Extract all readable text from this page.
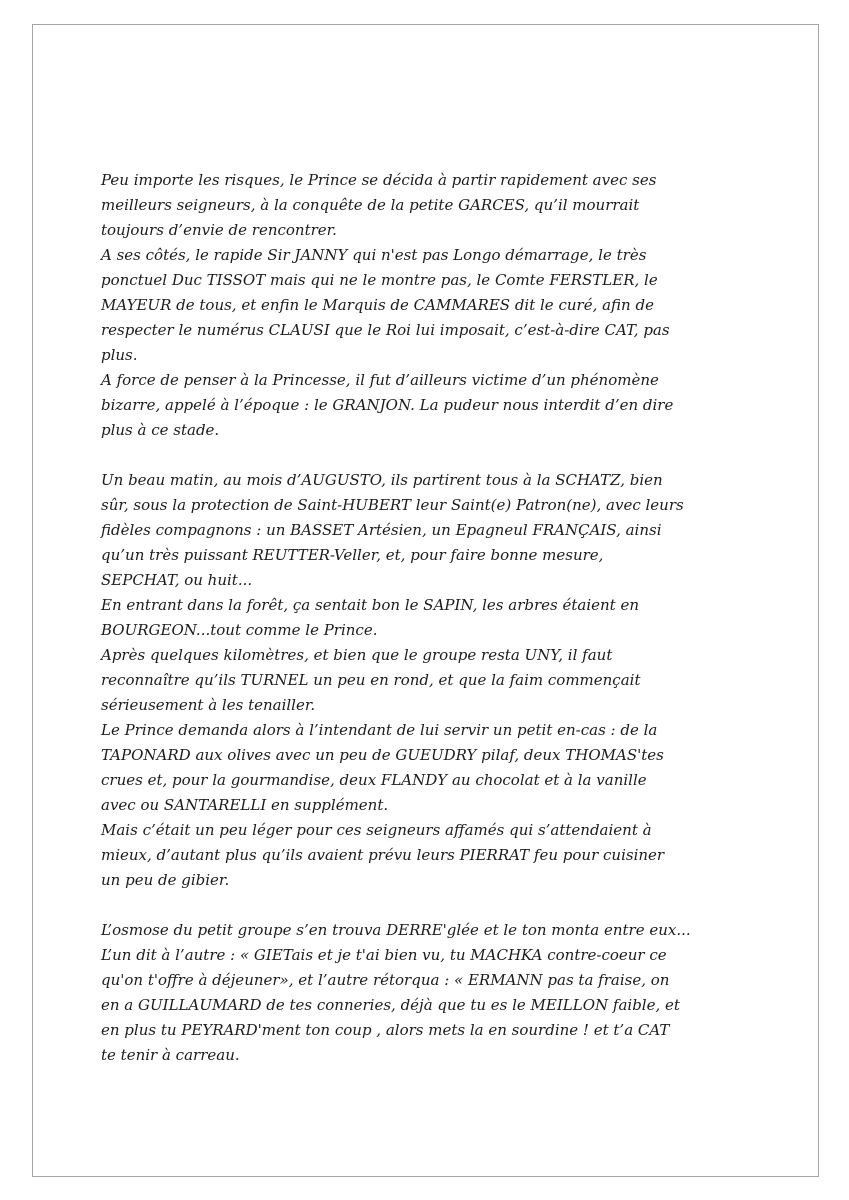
Peu importe les risques, le Prince se décida à partir rapidement avec ses
meilleurs seigneurs, à la conquête de la petite GARCES, qu’il mourrait
toujours d’envie de rencontrer.
A ses côtés, le rapide Sir JANNY qui n'est pas Longo démarrage, le très
ponctuel Duc TISSOT mais qui ne le montre pas, le Comte FERSTLER, le
MAYEUR de tous, et enfin le Marquis de CAMMARES dit le curé, afin de
respecter le numérus CLAUSI que le Roi lui imposait, c’est-à-dire CAT, pas
plus.
A force de penser à la Princesse, il fut d’ailleurs victime d’un phénomène
bizarre, appelé à l’époque : le GRANJON. La pudeur nous interdit d’en dire
plus à ce stade.
Un beau matin, au mois d’AUGUSTO, ils partirent tous à la SCHATZ, bien
sûr, sous la protection de Saint-HUBERT leur Saint(e) Patron(ne), avec leurs
fidèles compagnons : un BASSET Artésien, un Epagneul FRANÇAIS, ainsi
qu’un très puissant REUTTER-Veller, et, pour faire bonne mesure,
SEPCHAT, ou huit...
En entrant dans la forêt, ça sentait bon le SAPIN, les arbres étaient en
BOURGEON...tout comme le Prince.
Après quelques kilomètres, et bien que le groupe resta UNY, il faut
reconnaître qu’ils TURNEL un peu en rond, et que la faim commençait
sérieusement à les tenailler.
Le Prince demanda alors à l’intendant de lui servir un petit en-cas : de la
TAPONARD aux olives avec un peu de GUEUDRY pilaf, deux THOMAS'tes
crues et, pour la gourmandise, deux FLANDY au chocolat et à la vanille
avec ou SANTARELLI en supplément.
Mais c’était un peu léger pour ces seigneurs affamés qui s’attendaient à
mieux, d’autant plus qu’ils avaient prévu leurs PIERRAT feu pour cuisiner
un peu de gibier.
L’osmose du petit groupe s’en trouva DERRE'glée et le ton monta entre eux...
L’un dit à l’autre : « GIETais et je t'ai bien vu, tu MACHKA contre-coeur ce
qu'on t'offre à déjeuner», et l’autre rétorqua : « ERMANN pas ta fraise, on
en a GUILLAUMARD de tes conneries, déjà que tu es le MEILLON faible, et
en plus tu PEYRARD'ment ton coup , alors mets la en sourdine ! et t’a CAT
te tenir à carreau.
